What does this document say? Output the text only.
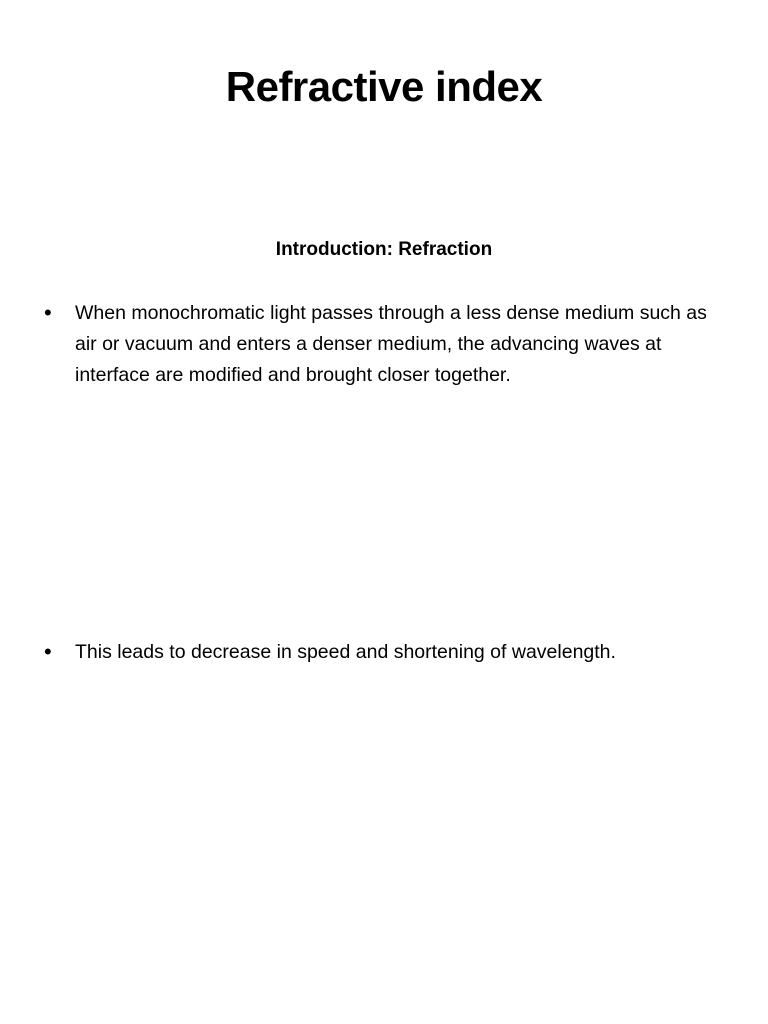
Refractive index
Introduction: Refraction
•	When monochromatic light passes through a less dense medium such as air or vacuum and enters a denser medium, the advancing waves at interface are modified and brought closer together.
•	This leads to decrease in speed and shortening of wavelength.
